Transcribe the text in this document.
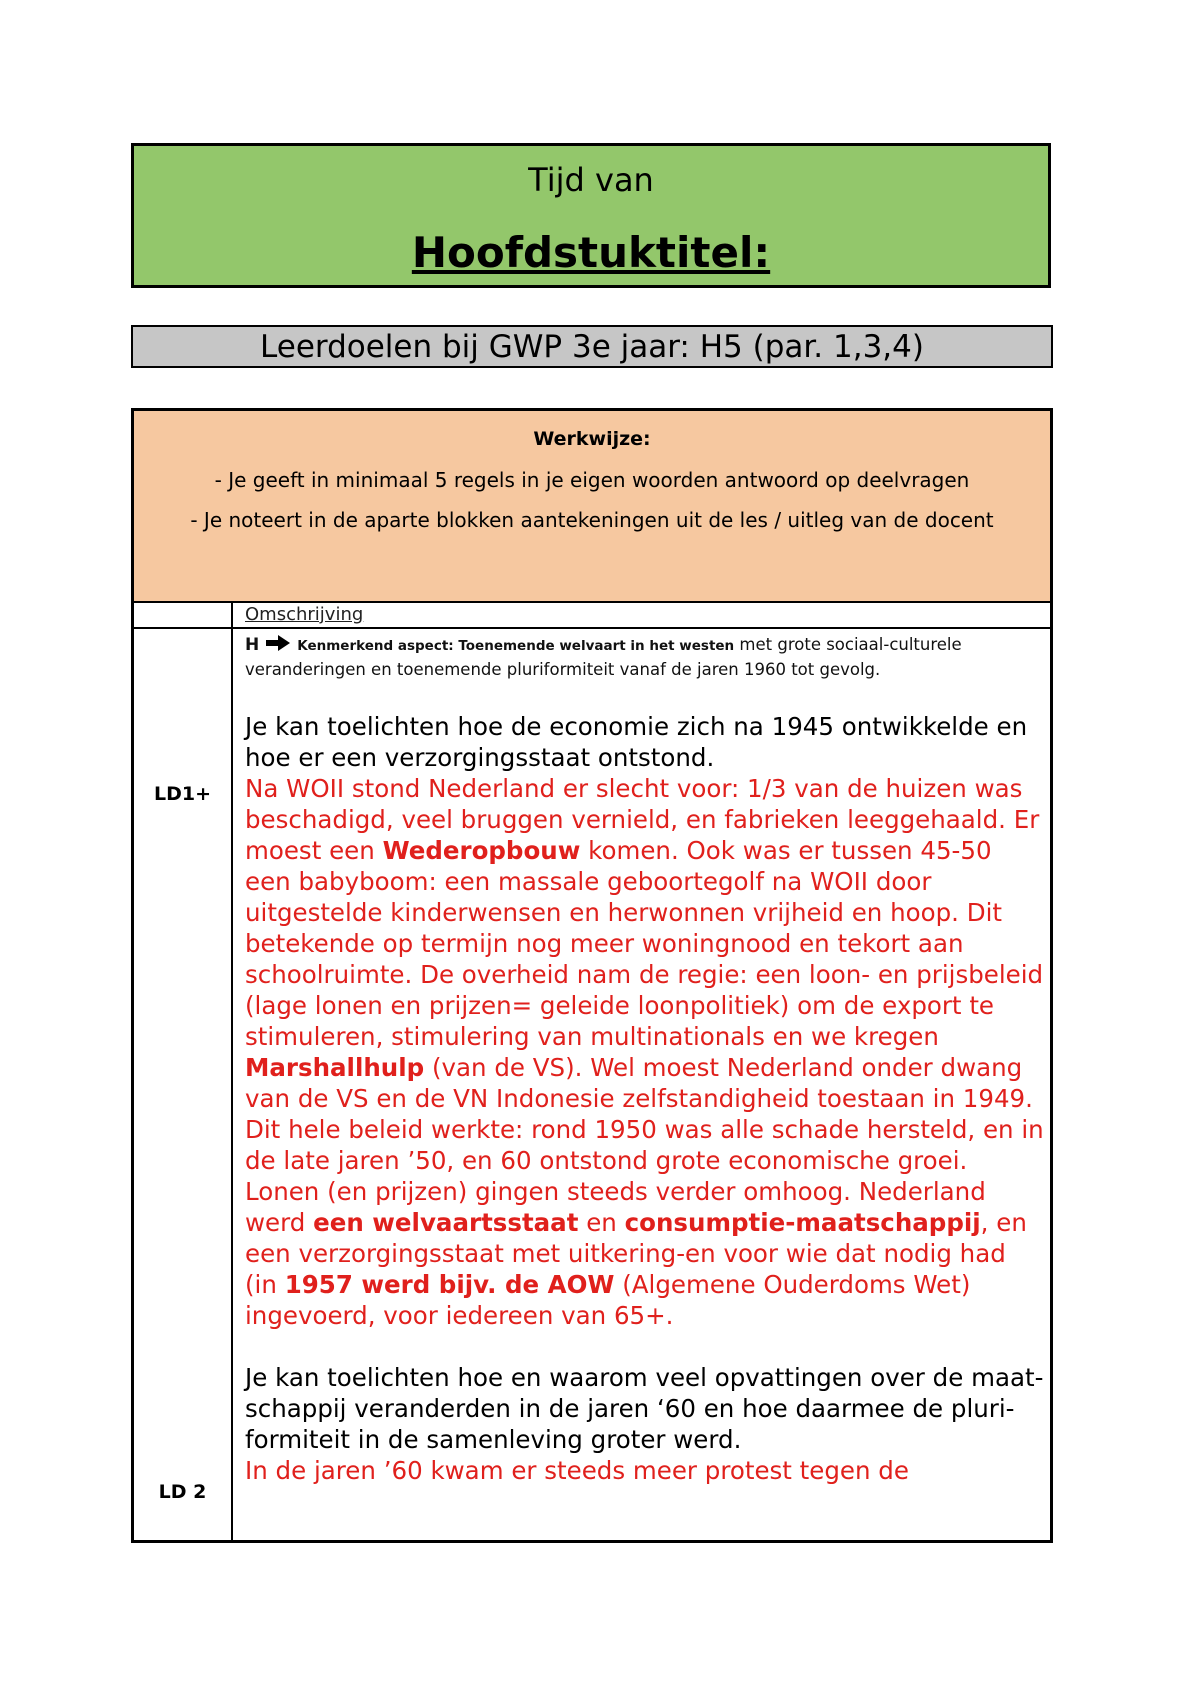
Tijd van
Hoofdstuktitel:
Leerdoelen bij GWP 3e jaar: H5 (par. 1,3,4)
Werkwijze:
- Je geeft in minimaal 5 regels in je eigen woorden antwoord op deelvragen
- Je noteert in de aparte blokken aantekeningen uit de les / uitleg van de docent
Omschrijving
LD1+
LD 2

H	Kenmerkend aspect: Toenemende welvaart in het westen met grote sociaal-culturele veranderingen en toenemende pluriformiteit vanaf de jaren 1960 tot gevolg.

Je kan toelichten hoe de economie zich na 1945 ontwikkelde en hoe er een verzorgingsstaat ontstond.

Na WOII stond Nederland er slecht voor: 1/3 van de huizen was beschadigd, veel bruggen vernield, en fabrieken leeggehaald. Er moest een Wederopbouw komen. Ook was er tussen 45-50 een babyboom: een massale geboortegolf na WOII door uitgestelde kinderwensen en herwonnen vrijheid en hoop. Dit betekende op termijn nog meer woningnood en tekort aan schoolruimte. De overheid nam de regie: een loon- en prijsbeleid (lage lonen en prijzen= geleide loonpolitiek) om de export te stimuleren, stimulering van multinationals en we kregen Marshallhulp (van de VS). Wel moest Nederland onder dwang van de VS en de VN Indonesie zelfstandigheid toestaan in 1949. Dit hele beleid werkte: rond 1950 was alle schade hersteld, en in de late jaren ’50, en 60 ontstond grote economische groei. Lonen (en prijzen) gingen steeds verder omhoog. Nederland werd een welvaartsstaat en consumptie-maatschappij, en een verzorgingsstaat met uitkering-en voor wie dat nodig had (in 1957 werd bijv. de AOW (Algemene Ouderdoms Wet) ingevoerd, voor iedereen van 65+.

Je kan toelichten hoe en waarom veel opvattingen over de maat-schappij veranderden in de jaren ‘60 en hoe daarmee de pluri-formiteit in de samenleving groter werd.

In de jaren ’60 kwam er steeds meer protest tegen de
